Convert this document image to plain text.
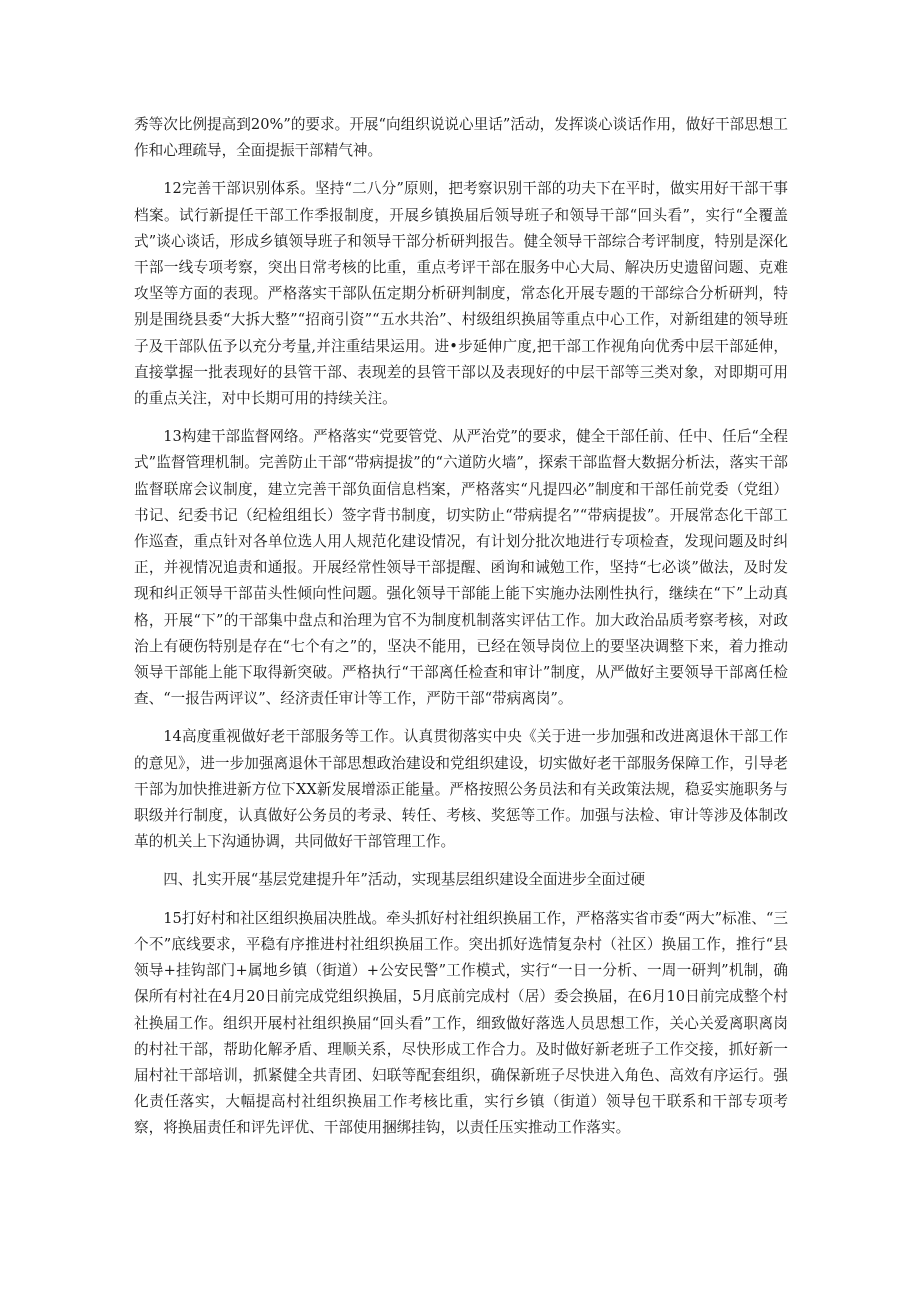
秀等次比例提高到20%”的要求。开展“向组织说说心里话”活动，发挥谈心谈话作用，做好干部思想工作和心理疏导，全面提振干部精气神。

12完善干部识别体系。坚持“二八分”原则，把考察识别干部的功夫下在平时，做实用好干部干事档案。试行新提任干部工作季报制度，开展乡镇换届后领导班子和领导干部“回头看”，实行“全覆盖式”谈心谈话，形成乡镇领导班子和领导干部分析研判报告。健全领导干部综合考评制度，特别是深化干部一线专项考察，突出日常考核的比重，重点考评干部在服务中心大局、解决历史遗留问题、克难攻坚等方面的表现。严格落实干部队伍定期分析研判制度，常态化开展专题的干部综合分析研判，特别是围绕县委“大拆大整”“招商引资”“五水共治”、村级组织换届等重点中心工作，对新组建的领导班子及干部队伍予以充分考量,并注重结果运用。进•步延伸广度,把干部工作视角向优秀中层干部延伸，直接掌握一批表现好的县管干部、表现差的县管干部以及表现好的中层干部等三类对象，对即期可用的重点关注，对中长期可用的持续关注。

13构建干部监督网络。严格落实“党要管党、从严治党”的要求，健全干部任前、任中、任后“全程式”监督管理机制。完善防止干部“带病提拔”的“六道防火墙”，探索干部监督大数据分析法，落实干部监督联席会议制度，建立完善干部负面信息档案，严格落实“凡提四必”制度和干部任前党委（党组）书记、纪委书记（纪检组组长）签字背书制度，切实防止“带病提名”“带病提拔”。开展常态化干部工作巡查，重点针对各单位选人用人规范化建设情况，有计划分批次地进行专项检查，发现问题及时纠正，并视情况追责和通报。开展经常性领导干部提醒、函询和诫勉工作，坚持“七必谈”做法，及时发现和纠正领导干部苗头性倾向性问题。强化领导干部能上能下实施办法刚性执行，继续在“下”上动真格，开展“下”的干部集中盘点和治理为官不为制度机制落实评估工作。加大政治品质考察考核，对政治上有硬伤特别是存在“七个有之”的，坚决不能用，已经在领导岗位上的要坚决调整下来，着力推动领导干部能上能下取得新突破。严格执行“干部离任检查和审计”制度，从严做好主要领导干部离任检查、“一报告两评议”、经济责任审计等工作，严防干部“带病离岗”。

14高度重视做好老干部服务等工作。认真贯彻落实中央《关于进一步加强和改进离退休干部工作的意见》，进一步加强离退休干部思想政治建设和党组织建设，切实做好老干部服务保障工作，引导老干部为加快推进新方位下XX新发展增添正能量。严格按照公务员法和有关政策法规，稳妥实施职务与职级并行制度，认真做好公务员的考录、转任、考核、奖惩等工作。加强与法检、审计等涉及体制改革的机关上下沟通协调，共同做好干部管理工作。

四、扎实开展“基层党建提升年”活动，实现基层组织建设全面进步全面过硬

15打好村和社区组织换届决胜战。牵头抓好村社组织换届工作，严格落实省市委“两大”标准、“三个不”底线要求，平稳有序推进村社组织换届工作。突出抓好选情复杂村（社区）换届工作，推行“县领导+挂钩部门+属地乡镇（街道）+公安民警”工作模式，实行“一日一分析、一周一研判”机制，确保所有村社在4月20日前完成党组织换届，5月底前完成村（居）委会换届，在6月10日前完成整个村社换届工作。组织开展村社组织换届“回头看”工作，细致做好落选人员思想工作，关心关爱离职离岗的村社干部，帮助化解矛盾、理顺关系，尽快形成工作合力。及时做好新老班子工作交接，抓好新一届村社干部培训，抓紧健全共青团、妇联等配套组织，确保新班子尽快进入角色、高效有序运行。强化责任落实，大幅提高村社组织换届工作考核比重，实行乡镇（街道）领导包干联系和干部专项考察，将换届责任和评先评优、干部使用捆绑挂钩，以责任压实推动工作落实。
